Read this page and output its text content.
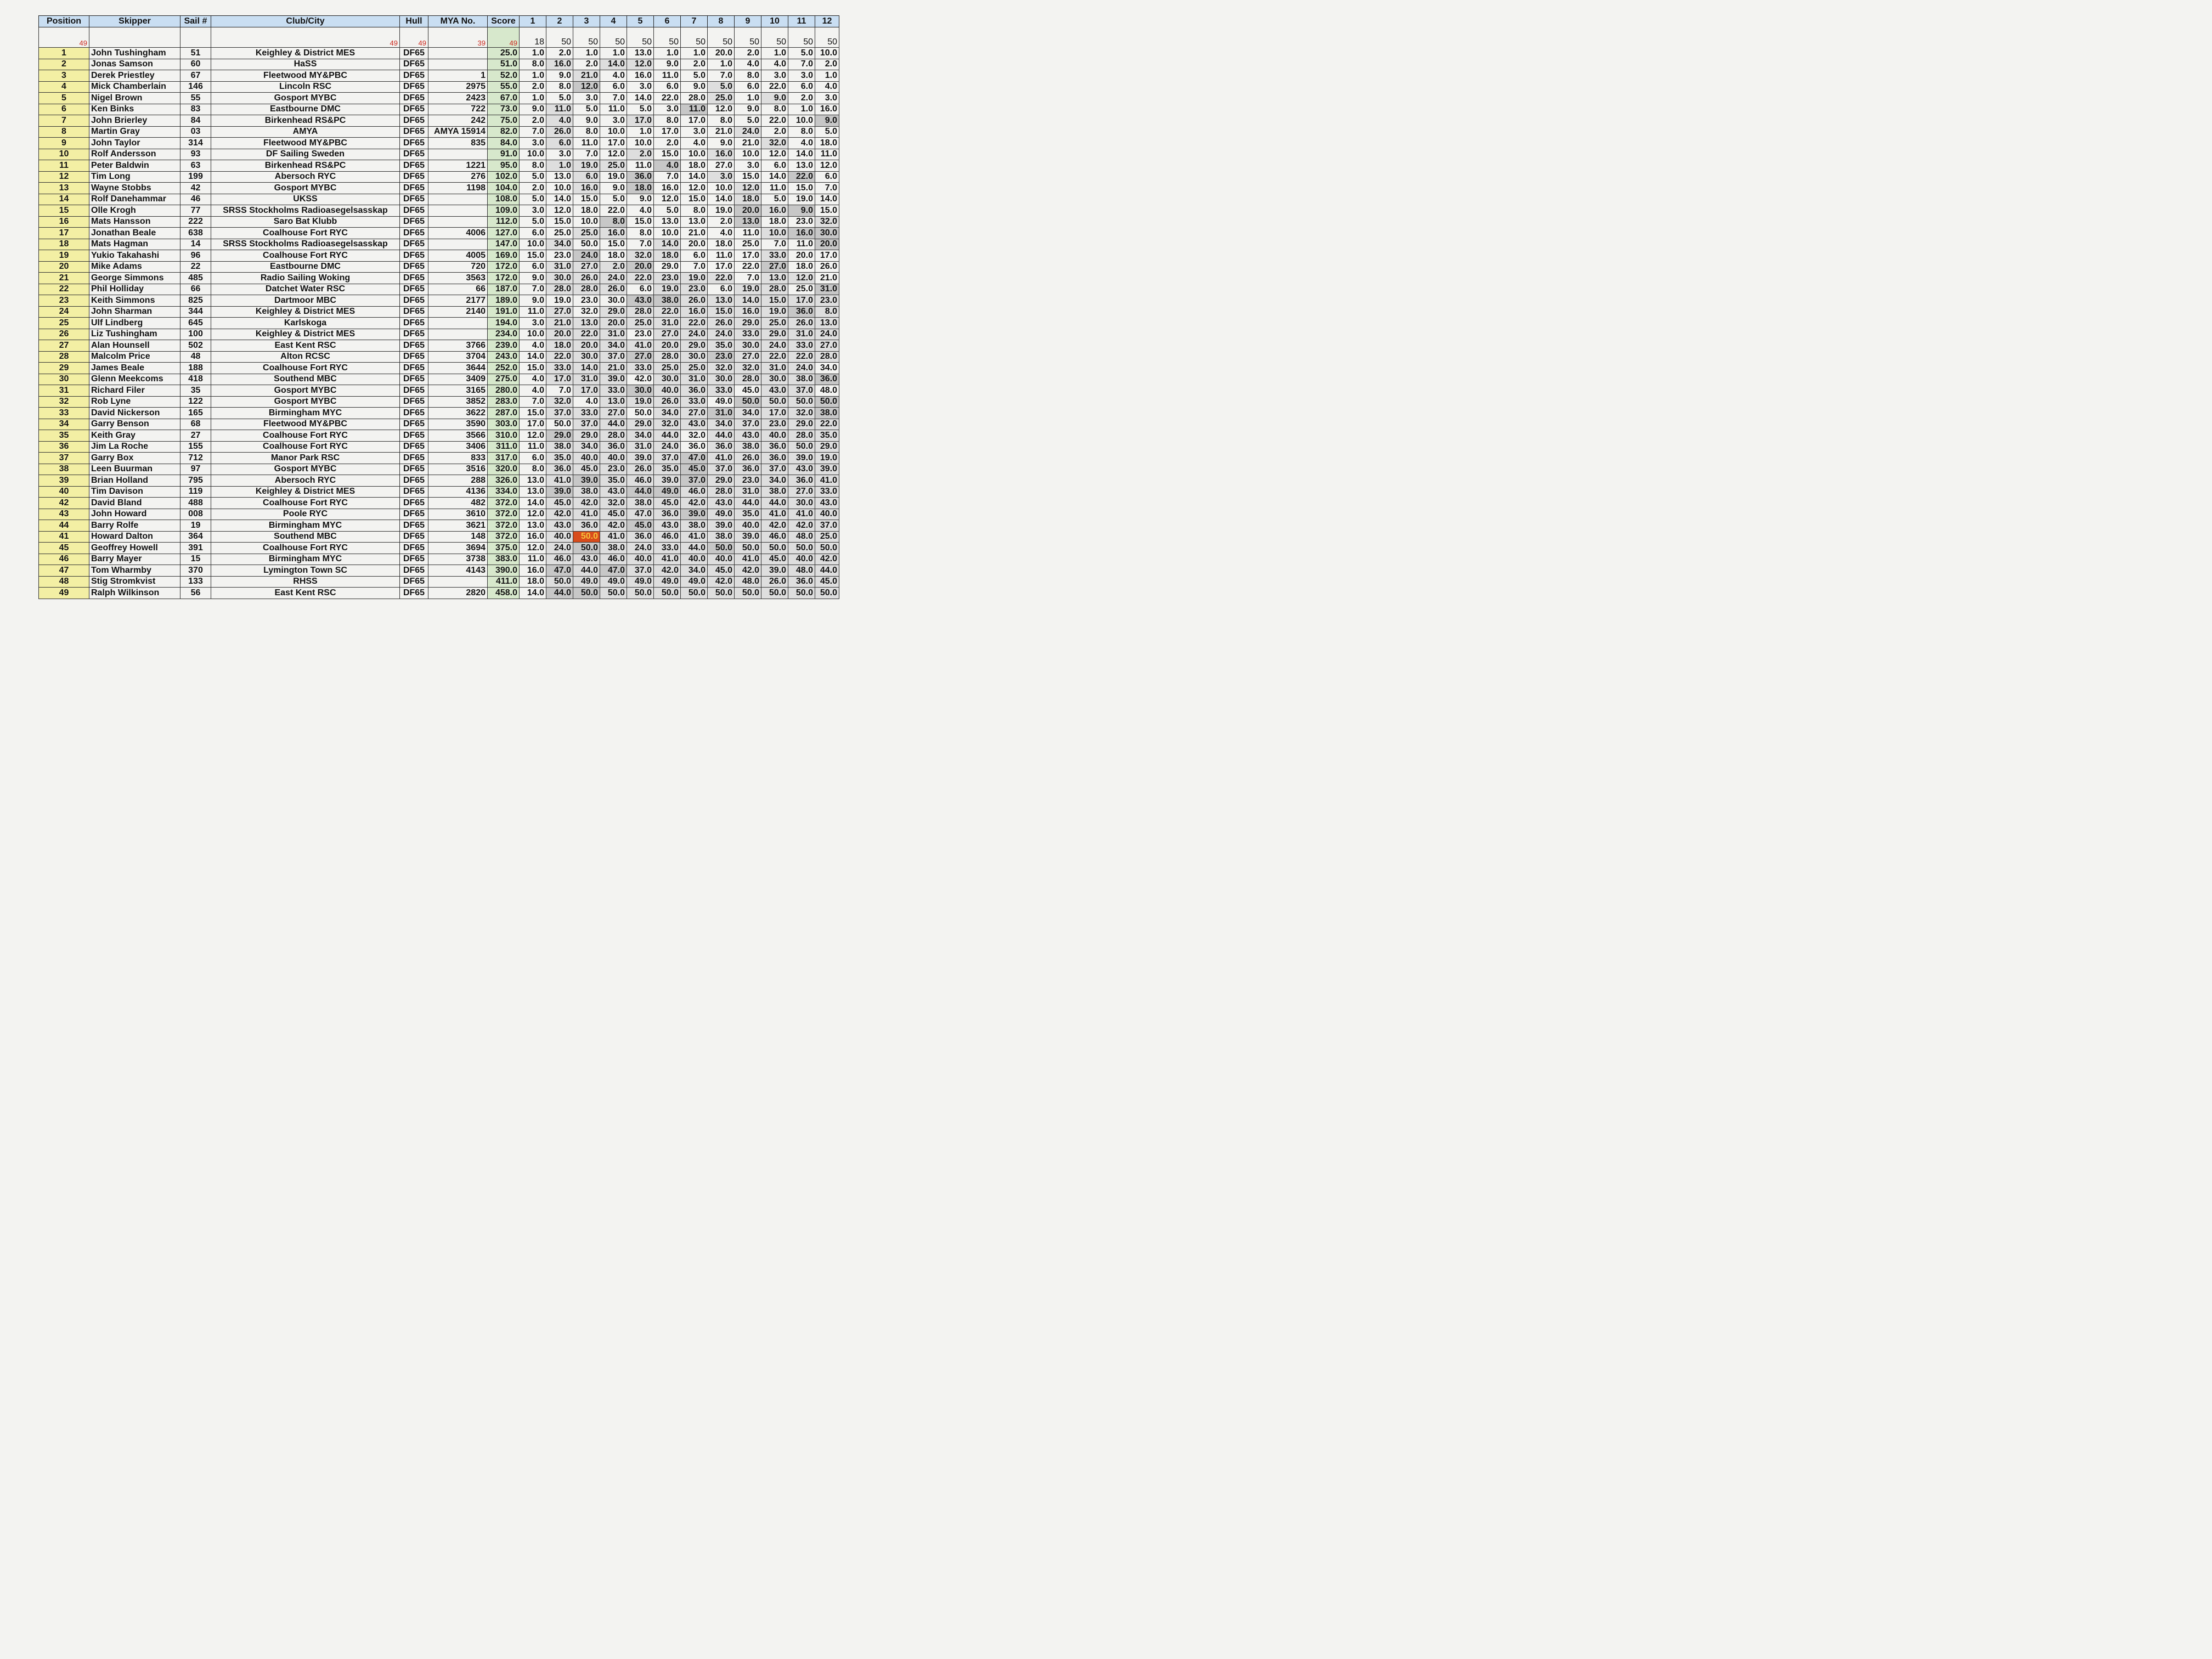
Position	Skipper	Sail #	Club/City	Hull	MYA No.	Score	1	2	3	4	5	6	7	8	9	10	11	12
49			49	49	39	49	18	50	50	50	50	50	50	50	50	50	50	50
1	John Tushingham	51	Keighley & District MES	DF65		25.0	1.0	2.0	1.0	1.0	13.0	1.0	1.0	20.0	2.0	1.0	5.0	10.0
2	Jonas Samson	60	HaSS	DF65		51.0	8.0	16.0	2.0	14.0	12.0	9.0	2.0	1.0	4.0	4.0	7.0	2.0
3	Derek Priestley	67	Fleetwood MY&PBC	DF65	1	52.0	1.0	9.0	21.0	4.0	16.0	11.0	5.0	7.0	8.0	3.0	3.0	1.0
4	Mick Chamberlain	146	Lincoln RSC	DF65	2975	55.0	2.0	8.0	12.0	6.0	3.0	6.0	9.0	5.0	6.0	22.0	6.0	4.0
5	Nigel Brown	55	Gosport MYBC	DF65	2423	67.0	1.0	5.0	3.0	7.0	14.0	22.0	28.0	25.0	1.0	9.0	2.0	3.0
6	Ken Binks	83	Eastbourne DMC	DF65	722	73.0	9.0	11.0	5.0	11.0	5.0	3.0	11.0	12.0	9.0	8.0	1.0	16.0
7	John Brierley	84	Birkenhead RS&PC	DF65	242	75.0	2.0	4.0	9.0	3.0	17.0	8.0	17.0	8.0	5.0	22.0	10.0	9.0
8	Martin Gray	03	AMYA	DF65	AMYA 15914	82.0	7.0	26.0	8.0	10.0	1.0	17.0	3.0	21.0	24.0	2.0	8.0	5.0
9	John Taylor	314	Fleetwood MY&PBC	DF65	835	84.0	3.0	6.0	11.0	17.0	10.0	2.0	4.0	9.0	21.0	32.0	4.0	18.0
10	Rolf Andersson	93	DF Sailing Sweden	DF65		91.0	10.0	3.0	7.0	12.0	2.0	15.0	10.0	16.0	10.0	12.0	14.0	11.0
11	Peter Baldwin	63	Birkenhead RS&PC	DF65	1221	95.0	8.0	1.0	19.0	25.0	11.0	4.0	18.0	27.0	3.0	6.0	13.0	12.0
12	Tim Long	199	Abersoch RYC	DF65	276	102.0	5.0	13.0	6.0	19.0	36.0	7.0	14.0	3.0	15.0	14.0	22.0	6.0
13	Wayne Stobbs	42	Gosport MYBC	DF65	1198	104.0	2.0	10.0	16.0	9.0	18.0	16.0	12.0	10.0	12.0	11.0	15.0	7.0
14	Rolf Danehammar	46	UKSS	DF65		108.0	5.0	14.0	15.0	5.0	9.0	12.0	15.0	14.0	18.0	5.0	19.0	14.0
15	Olle Krogh	77	SRSS Stockholms Radioasegelsasskap	DF65		109.0	3.0	12.0	18.0	22.0	4.0	5.0	8.0	19.0	20.0	16.0	9.0	15.0
16	Mats Hansson	222	Saro Bat Klubb	DF65		112.0	5.0	15.0	10.0	8.0	15.0	13.0	13.0	2.0	13.0	18.0	23.0	32.0
17	Jonathan Beale	638	Coalhouse Fort RYC	DF65	4006	127.0	6.0	25.0	25.0	16.0	8.0	10.0	21.0	4.0	11.0	10.0	16.0	30.0
18	Mats Hagman	14	SRSS Stockholms Radioasegelsasskap	DF65		147.0	10.0	34.0	50.0	15.0	7.0	14.0	20.0	18.0	25.0	7.0	11.0	20.0
19	Yukio Takahashi	96	Coalhouse Fort RYC	DF65	4005	169.0	15.0	23.0	24.0	18.0	32.0	18.0	6.0	11.0	17.0	33.0	20.0	17.0
20	Mike Adams	22	Eastbourne DMC	DF65	720	172.0	6.0	31.0	27.0	2.0	20.0	29.0	7.0	17.0	22.0	27.0	18.0	26.0
21	George Simmons	485	Radio Sailing Woking	DF65	3563	172.0	9.0	30.0	26.0	24.0	22.0	23.0	19.0	22.0	7.0	13.0	12.0	21.0
22	Phil Holliday	66	Datchet Water RSC	DF65	66	187.0	7.0	28.0	28.0	26.0	6.0	19.0	23.0	6.0	19.0	28.0	25.0	31.0
23	Keith Simmons	825	Dartmoor MBC	DF65	2177	189.0	9.0	19.0	23.0	30.0	43.0	38.0	26.0	13.0	14.0	15.0	17.0	23.0
24	John Sharman	344	Keighley & District MES	DF65	2140	191.0	11.0	27.0	32.0	29.0	28.0	22.0	16.0	15.0	16.0	19.0	36.0	8.0
25	Ulf Lindberg	645	Karlskoga	DF65		194.0	3.0	21.0	13.0	20.0	25.0	31.0	22.0	26.0	29.0	25.0	26.0	13.0
26	Liz Tushingham	100	Keighley & District MES	DF65		234.0	10.0	20.0	22.0	31.0	23.0	27.0	24.0	24.0	33.0	29.0	31.0	24.0
27	Alan Hounsell	502	East Kent RSC	DF65	3766	239.0	4.0	18.0	20.0	34.0	41.0	20.0	29.0	35.0	30.0	24.0	33.0	27.0
28	Malcolm Price	48	Alton RCSC	DF65	3704	243.0	14.0	22.0	30.0	37.0	27.0	28.0	30.0	23.0	27.0	22.0	22.0	28.0
29	James Beale	188	Coalhouse Fort RYC	DF65	3644	252.0	15.0	33.0	14.0	21.0	33.0	25.0	25.0	32.0	32.0	31.0	24.0	34.0
30	Glenn Meekcoms	418	Southend MBC	DF65	3409	275.0	4.0	17.0	31.0	39.0	42.0	30.0	31.0	30.0	28.0	30.0	38.0	36.0
31	Richard Filer	35	Gosport MYBC	DF65	3165	280.0	4.0	7.0	17.0	33.0	30.0	40.0	36.0	33.0	45.0	43.0	37.0	48.0
32	Rob Lyne	122	Gosport MYBC	DF65	3852	283.0	7.0	32.0	4.0	13.0	19.0	26.0	33.0	49.0	50.0	50.0	50.0	50.0
33	David Nickerson	165	Birmingham MYC	DF65	3622	287.0	15.0	37.0	33.0	27.0	50.0	34.0	27.0	31.0	34.0	17.0	32.0	38.0
34	Garry Benson	68	Fleetwood MY&PBC	DF65	3590	303.0	17.0	50.0	37.0	44.0	29.0	32.0	43.0	34.0	37.0	23.0	29.0	22.0
35	Keith Gray	27	Coalhouse Fort RYC	DF65	3566	310.0	12.0	29.0	29.0	28.0	34.0	44.0	32.0	44.0	43.0	40.0	28.0	35.0
36	Jim La Roche	155	Coalhouse Fort RYC	DF65	3406	311.0	11.0	38.0	34.0	36.0	31.0	24.0	36.0	36.0	38.0	36.0	50.0	29.0
37	Garry Box	712	Manor Park RSC	DF65	833	317.0	6.0	35.0	40.0	40.0	39.0	37.0	47.0	41.0	26.0	36.0	39.0	19.0
38	Leen Buurman	97	Gosport MYBC	DF65	3516	320.0	8.0	36.0	45.0	23.0	26.0	35.0	45.0	37.0	36.0	37.0	43.0	39.0
39	Brian Holland	795	Abersoch RYC	DF65	288	326.0	13.0	41.0	39.0	35.0	46.0	39.0	37.0	29.0	23.0	34.0	36.0	41.0
40	Tim Davison	119	Keighley & District MES	DF65	4136	334.0	13.0	39.0	38.0	43.0	44.0	49.0	46.0	28.0	31.0	38.0	27.0	33.0
42	David Bland	488	Coalhouse Fort RYC	DF65	482	372.0	14.0	45.0	42.0	32.0	38.0	45.0	42.0	43.0	44.0	44.0	30.0	43.0
43	John Howard	008	Poole RYC	DF65	3610	372.0	12.0	42.0	41.0	45.0	47.0	36.0	39.0	49.0	35.0	41.0	41.0	40.0
44	Barry Rolfe	19	Birmingham MYC	DF65	3621	372.0	13.0	43.0	36.0	42.0	45.0	43.0	38.0	39.0	40.0	42.0	42.0	37.0
41	Howard Dalton	364	Southend MBC	DF65	148	372.0	16.0	40.0	50.0	41.0	36.0	46.0	41.0	38.0	39.0	46.0	48.0	25.0
45	Geoffrey Howell	391	Coalhouse Fort RYC	DF65	3694	375.0	12.0	24.0	50.0	38.0	24.0	33.0	44.0	50.0	50.0	50.0	50.0	50.0
46	Barry Mayer	15	Birmingham MYC	DF65	3738	383.0	11.0	46.0	43.0	46.0	40.0	41.0	40.0	40.0	41.0	45.0	40.0	42.0
47	Tom Wharmby	370	Lymington Town SC	DF65	4143	390.0	16.0	47.0	44.0	47.0	37.0	42.0	34.0	45.0	42.0	39.0	48.0	44.0
48	Stig Stromkvist	133	RHSS	DF65		411.0	18.0	50.0	49.0	49.0	49.0	49.0	49.0	42.0	48.0	26.0	36.0	45.0
49	Ralph Wilkinson	56	East Kent RSC	DF65	2820	458.0	14.0	44.0	50.0	50.0	50.0	50.0	50.0	50.0	50.0	50.0	50.0	50.0
